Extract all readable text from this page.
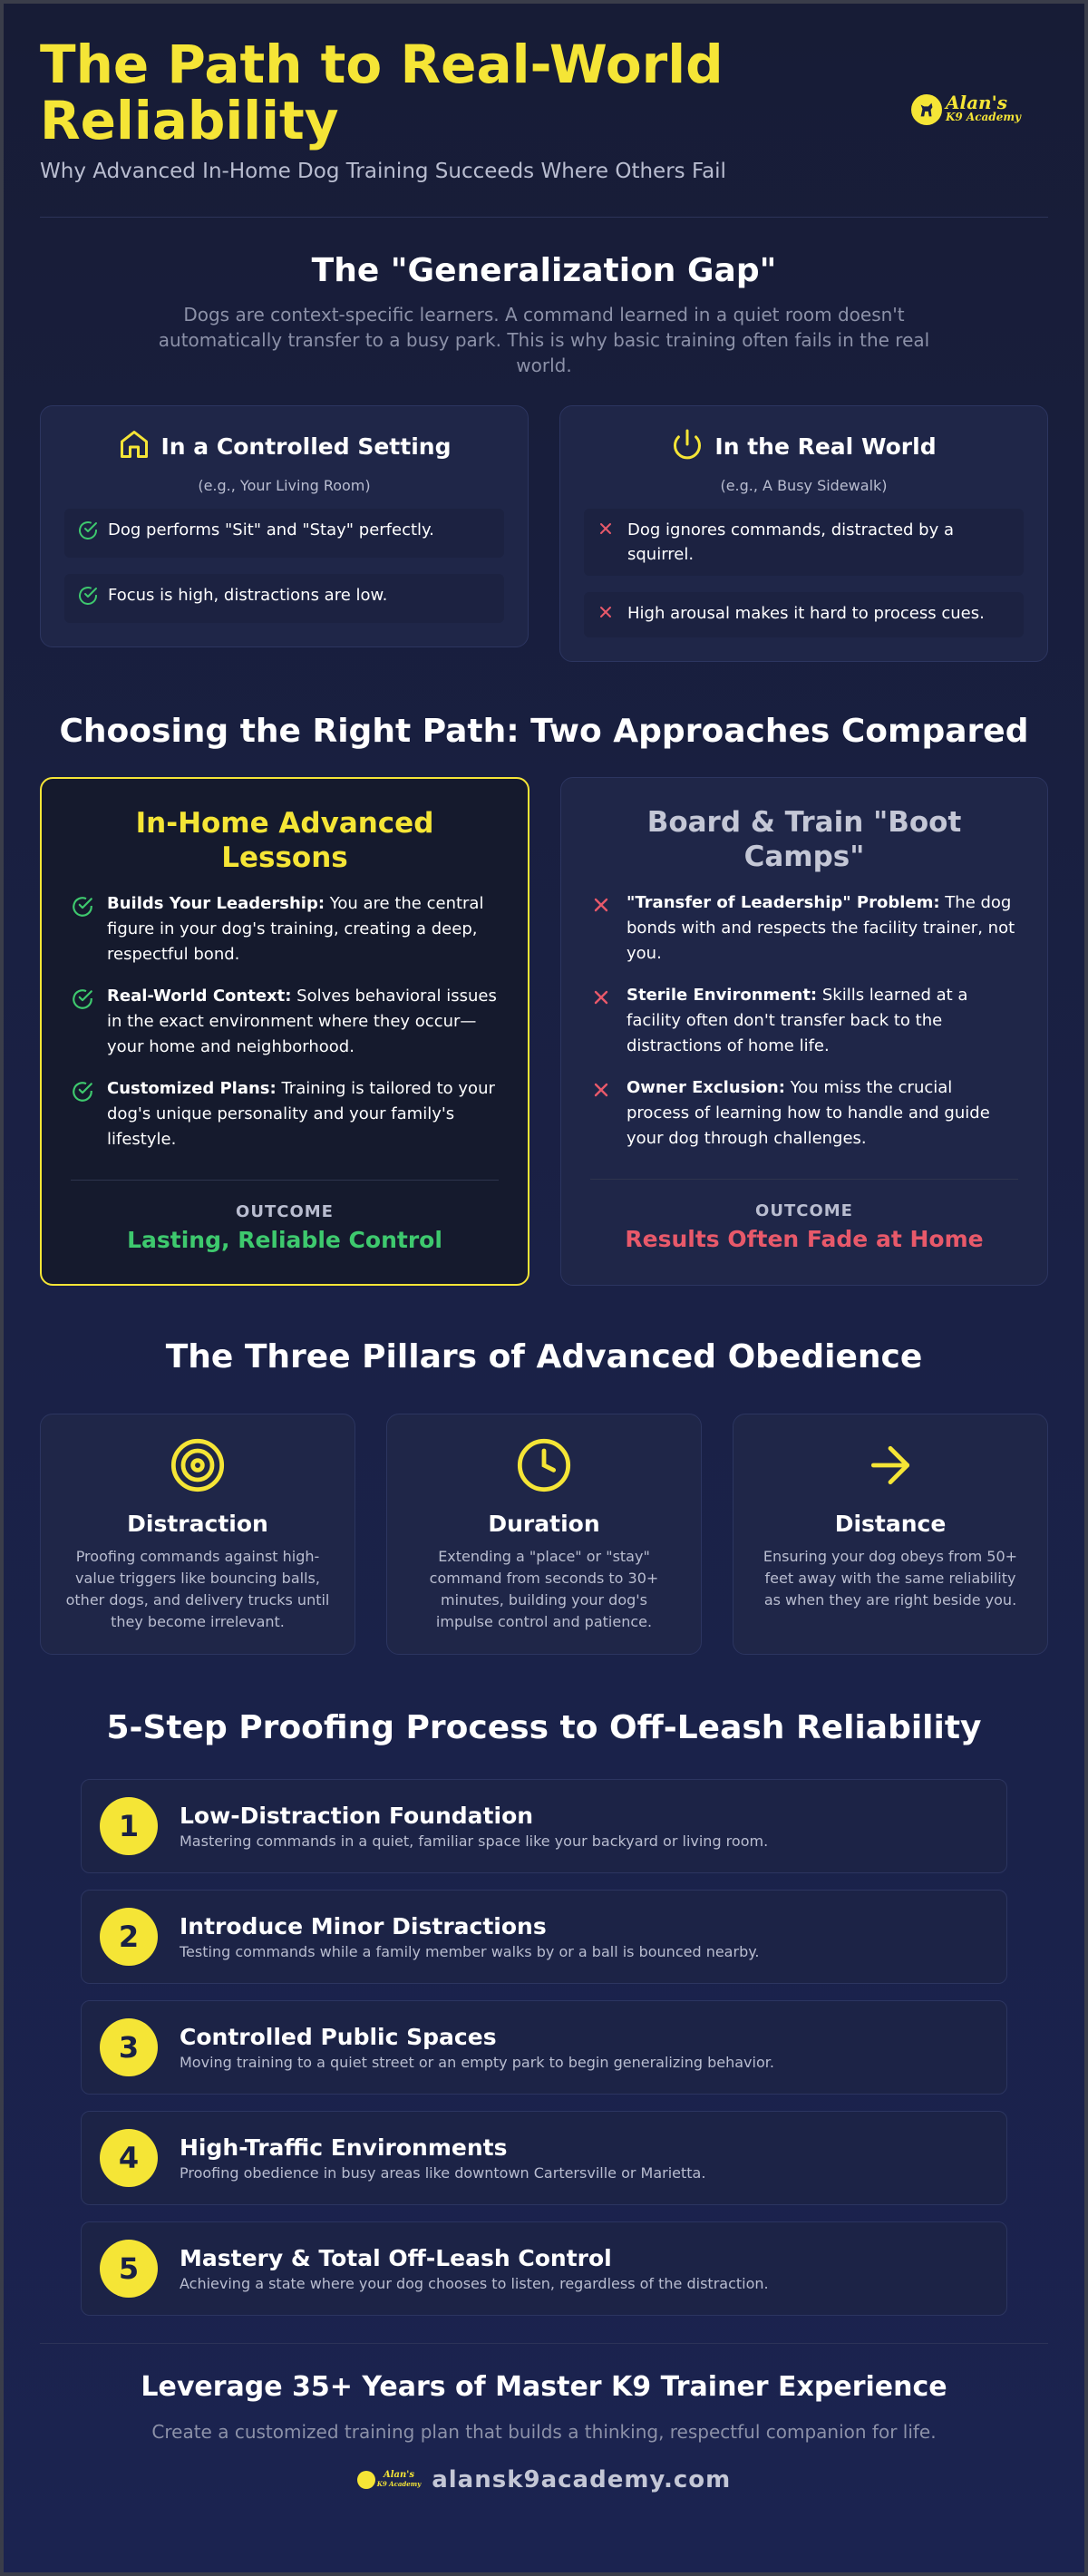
The Path to Real-World Reliability
Why Advanced In-Home Dog Training Succeeds Where Others Fail
Alan's
K9 Academy
The "Generalization Gap"

Dogs are context-specific learners. A command learned in a quiet room doesn't automatically transfer to a busy park. This is why basic training often fails in the real world.

In a Controlled Setting
(e.g., Your Living Room)
Dog performs "Sit" and "Stay" perfectly.
Focus is high, distractions are low.
In the Real World
(e.g., A Busy Sidewalk)
Dog ignores commands, distracted by a squirrel.
High arousal makes it hard to process cues.
Choosing the Right Path: Two Approaches Compared
In-Home Advanced Lessons
Builds Your Leadership: You are the central figure in your dog's training, creating a deep, respectful bond.
Real-World Context: Solves behavioral issues in the exact environment where they occur—your home and neighborhood.
Customized Plans: Training is tailored to your dog's unique personality and your family's lifestyle.
OUTCOME
Lasting, Reliable Control
Board & Train "Boot Camps"
"Transfer of Leadership" Problem: The dog bonds with and respects the facility trainer, not you.
Sterile Environment: Skills learned at a facility often don't transfer back to the distractions of home life.
Owner Exclusion: You miss the crucial process of learning how to handle and guide your dog through challenges.
OUTCOME
Results Often Fade at Home
The Three Pillars of Advanced Obedience
Distraction
Proofing commands against high-value triggers like bouncing balls, other dogs, and delivery trucks until they become irrelevant.
Duration
Extending a "place" or "stay" command from seconds to 30+ minutes, building your dog's impulse control and patience.
Distance
Ensuring your dog obeys from 50+ feet away with the same reliability as when they are right beside you.
5-Step Proofing Process to Off-Leash Reliability
1	Low-Distraction Foundation
Mastering commands in a quiet, familiar space like your backyard or living room.
2	Introduce Minor Distractions
Testing commands while a family member walks by or a ball is bounced nearby.
3	Controlled Public Spaces
Moving training to a quiet street or an empty park to begin generalizing behavior.
4	High-Traffic Environments
Proofing obedience in busy areas like downtown Cartersville or Marietta.
5	Mastery & Total Off-Leash Control
Achieving a state where your dog chooses to listen, regardless of the distraction.
Leverage 35+ Years of Master K9 Trainer Experience
Create a customized training plan that builds a thinking, respectful companion for life.
Alan's
K9 Academy alansk9academy.com
